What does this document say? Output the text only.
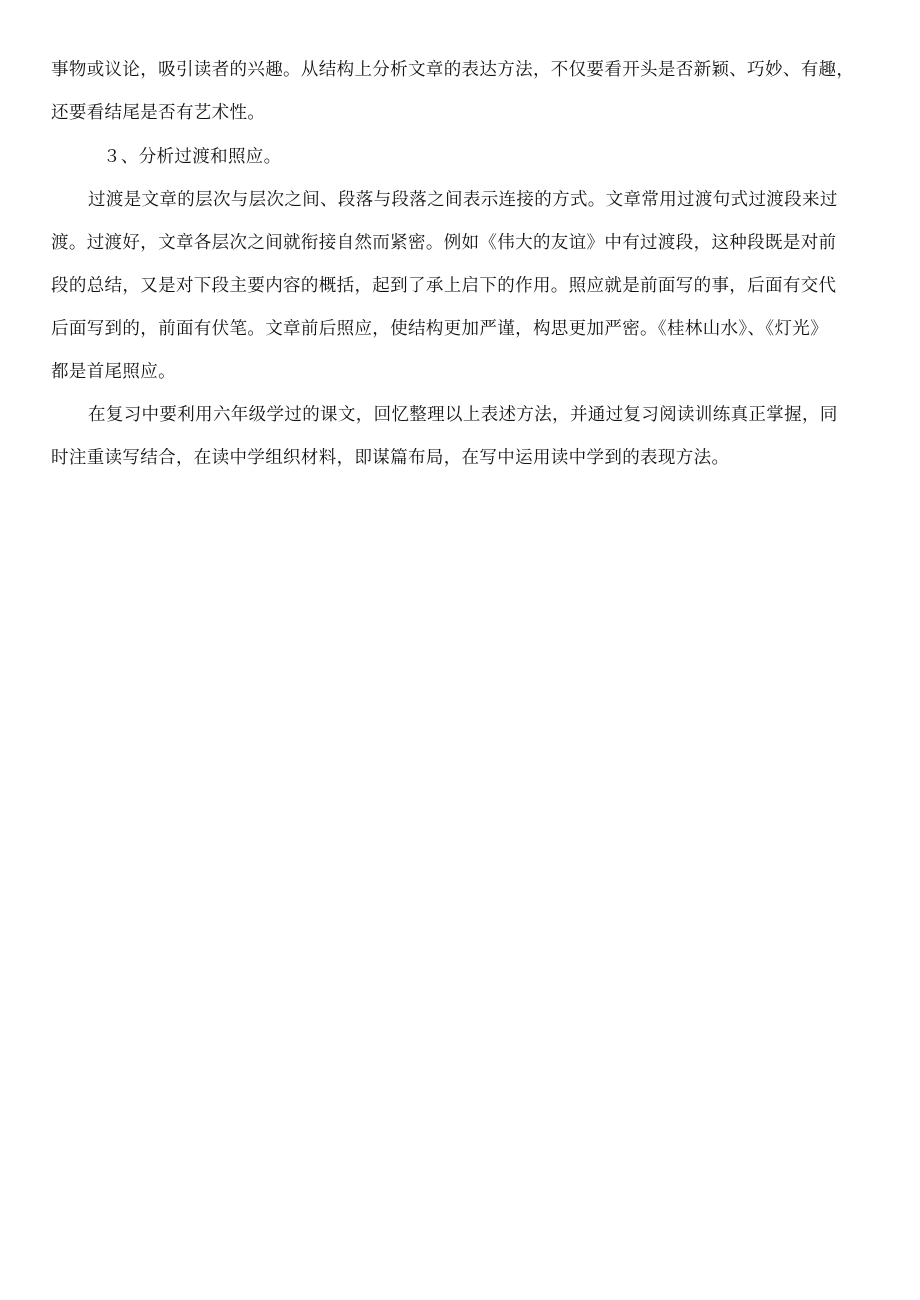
事物或议论，吸引读者的兴趣。从结构上分析文章的表达方法，不仅要看开头是否新颖、巧妙、有趣，

还要看结尾是否有艺术性。

３、分析过渡和照应。

过渡是文章的层次与层次之间、段落与段落之间表示连接的方式。文章常用过渡句式过渡段来过

渡。过渡好，文章各层次之间就衔接自然而紧密。例如《伟大的友谊》中有过渡段，这种段既是对前

段的总结，又是对下段主要内容的概括，起到了承上启下的作用。照应就是前面写的事，后面有交代

后面写到的，前面有伏笔。文章前后照应，使结构更加严谨，构思更加严密。《桂林山水》、《灯光》

都是首尾照应。

在复习中要利用六年级学过的课文，回忆整理以上表述方法，并通过复习阅读训练真正掌握，同

时注重读写结合，在读中学组织材料，即谋篇布局，在写中运用读中学到的表现方法。
